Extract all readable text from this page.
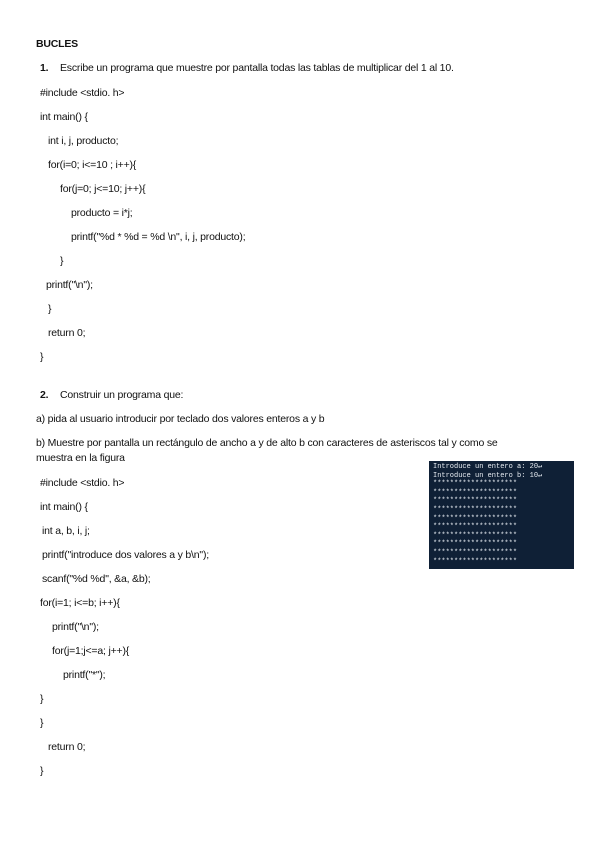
BUCLES
1. Escribe un programa que muestre por pantalla todas las tablas de multiplicar del 1 al 10.
#include <stdio. h>
int main() {
int i, j, producto;
for(i=0; i<=10 ; i++){
for(j=0; j<=10; j++){
producto = i*j;
printf("%d * %d = %d \n", i, j, producto);
}
printf("\n");
}
return 0;
}
2. Construir un programa que:
a) pida al usuario introducir por teclado dos valores enteros a y b
b) Muestre por pantalla un rectángulo de ancho a y de alto b con caracteres de asteriscos tal y como se
muestra en la figura
#include <stdio. h>
int main() {
int a, b, i, j;
printf("introduce dos valores a y b\n");
scanf("%d %d", &a, &b);
for(i=1; i<=b; i++){
printf("\n");
for(j=1;j<=a; j++){
printf("*");
}
}
return 0;
}
Introduce un entero a: 20↵
Introduce un entero b: 10↵
********************
********************
********************
********************
********************
********************
********************
********************
********************
********************
